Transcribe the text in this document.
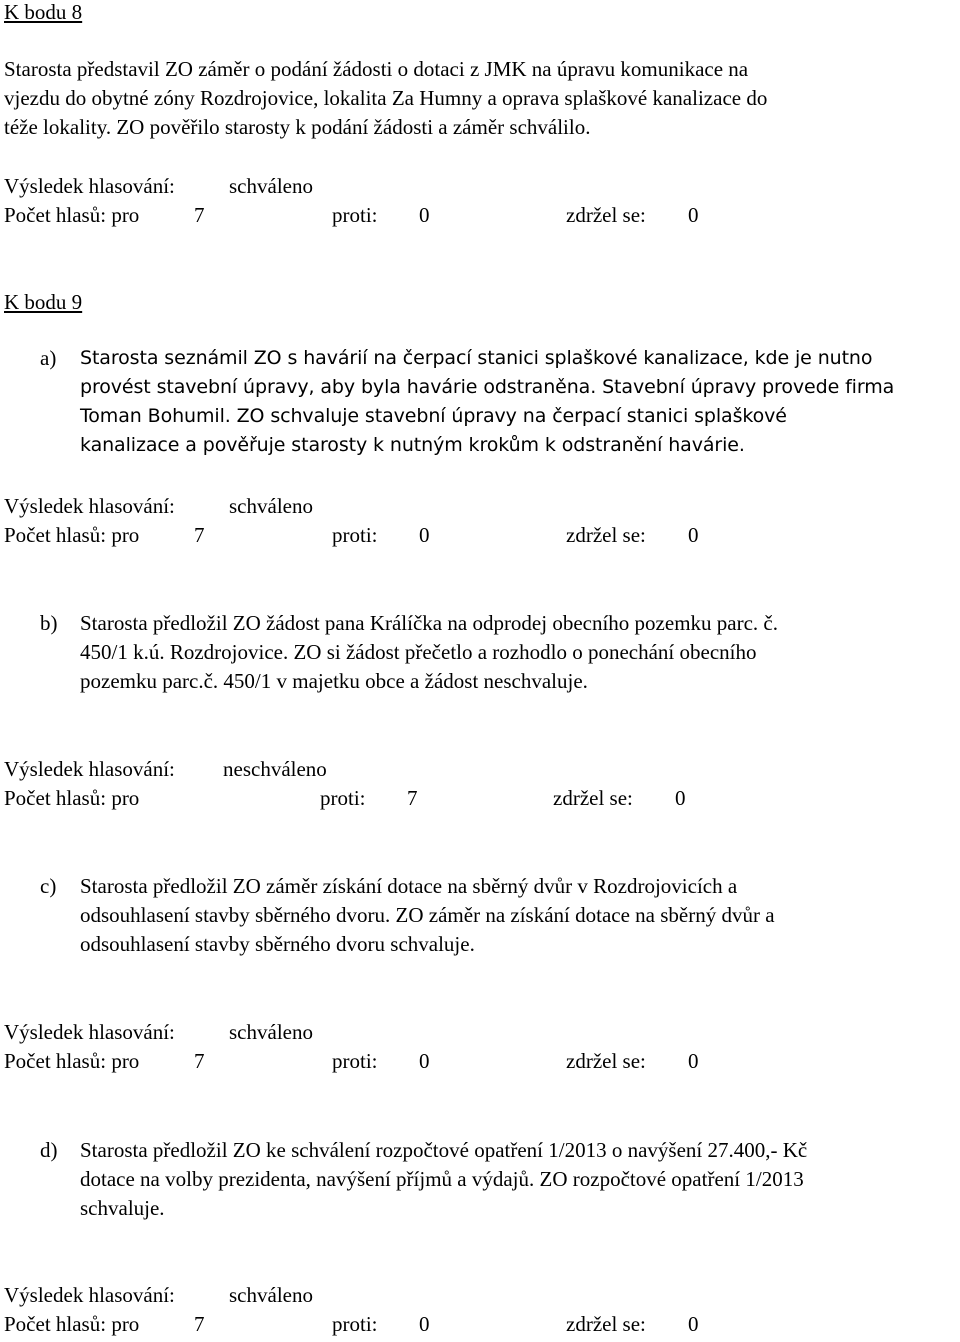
K bodu 8
Starosta představil ZO záměr o podání žádosti o dotaci z JMK na úpravu komunikace na
vjezdu do obytné zóny Rozdrojovice, lokalita Za Humny a oprava splaškové kanalizace do
téže lokality. ZO pověřilo starosty k podání žádosti a záměr schválilo.
Výsledek hlasování:	schváleno
Počet hlasů: pro	7	proti: 0	zdržel se: 0
K bodu 9
a) Starosta seznámil ZO s havárií na čerpací stanici splaškové kanalizace, kde je nutno
provést stavební úpravy, aby byla havárie odstraněna. Stavební úpravy provede firma
Toman Bohumil. ZO schvaluje stavební úpravy na čerpací stanici splaškové
kanalizace a pověřuje starosty k nutným krokům k odstranění havárie.
Výsledek hlasování:	schváleno
Počet hlasů: pro	7	proti: 0	zdržel se: 0
b) Starosta předložil ZO žádost pana Králíčka na odprodej obecního pozemku parc. č.
450/1 k.ú. Rozdrojovice. ZO si žádost přečetlo a rozhodlo o ponechání obecního
pozemku parc.č. 450/1 v majetku obce a žádost neschvaluje.
Výsledek hlasování: neschváleno
Počet hlasů: pro	proti: 7	zdržel se: 0
c) Starosta předložil ZO záměr získání dotace na sběrný dvůr v Rozdrojovicích a
odsouhlasení stavby sběrného dvoru. ZO záměr na získání dotace na sběrný dvůr a
odsouhlasení stavby sběrného dvoru schvaluje.
Výsledek hlasování:	schváleno
Počet hlasů: pro	7	proti: 0	zdržel se: 0
d) Starosta předložil ZO ke schválení rozpočtové opatření 1/2013 o navýšení 27.400,- Kč
dotace na volby prezidenta, navýšení příjmů a výdajů. ZO rozpočtové opatření 1/2013
schvaluje.
Výsledek hlasování:	schváleno
Počet hlasů: pro	7	proti: 0	zdržel se: 0
